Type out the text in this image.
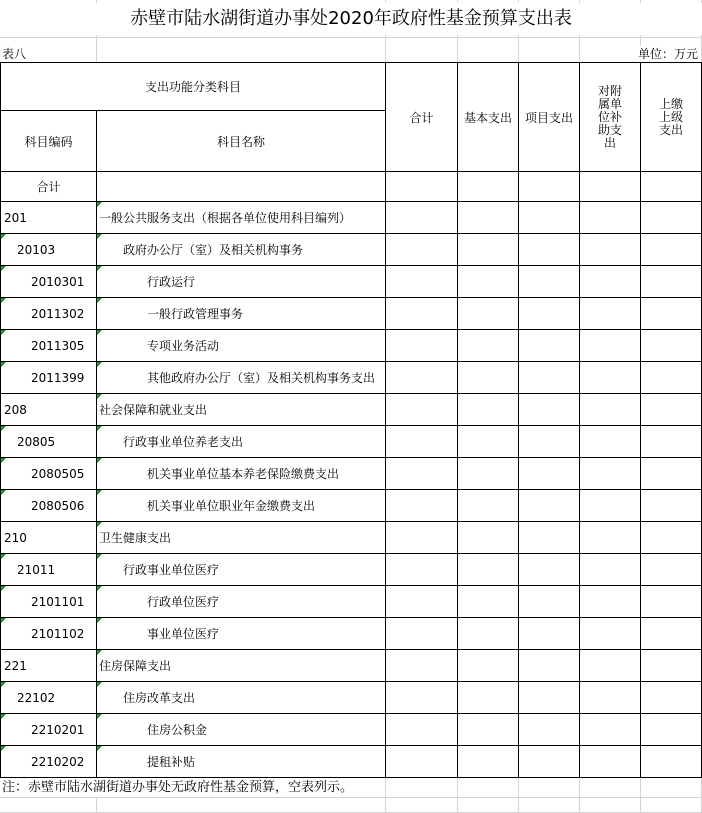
赤壁市陆水湖街道办事处2020年政府性基金预算支出表
表八	单位：万元
支出功能分类科目		合计	基本支出	项目支出	对附属单位补助支出	上缴上级支出

科目编码	科目名称					
合计						
201	一般公共服务支出（根据各单位使用科目编列）					

20103	政府办公厅（室）及相关机构事务					

2010301	行政运行					

2011302	一般行政管理事务					

2011305	专项业务活动					

2011399	其他政府办公厅（室）及相关机构事务支出					
208	社会保障和就业支出					

20805	行政事业单位养老支出					

2080505	机关事业单位基本养老保险缴费支出					

2080506	机关事业单位职业年金缴费支出					
210	卫生健康支出					

21011	行政事业单位医疗					

2101101	行政单位医疗					

2101102	事业单位医疗					
221	住房保障支出					

22102	住房改革支出					

2210201	住房公积金					

2210202	提租补贴					
注：赤壁市陆水湖街道办事处无政府性基金预算，空表列示。
